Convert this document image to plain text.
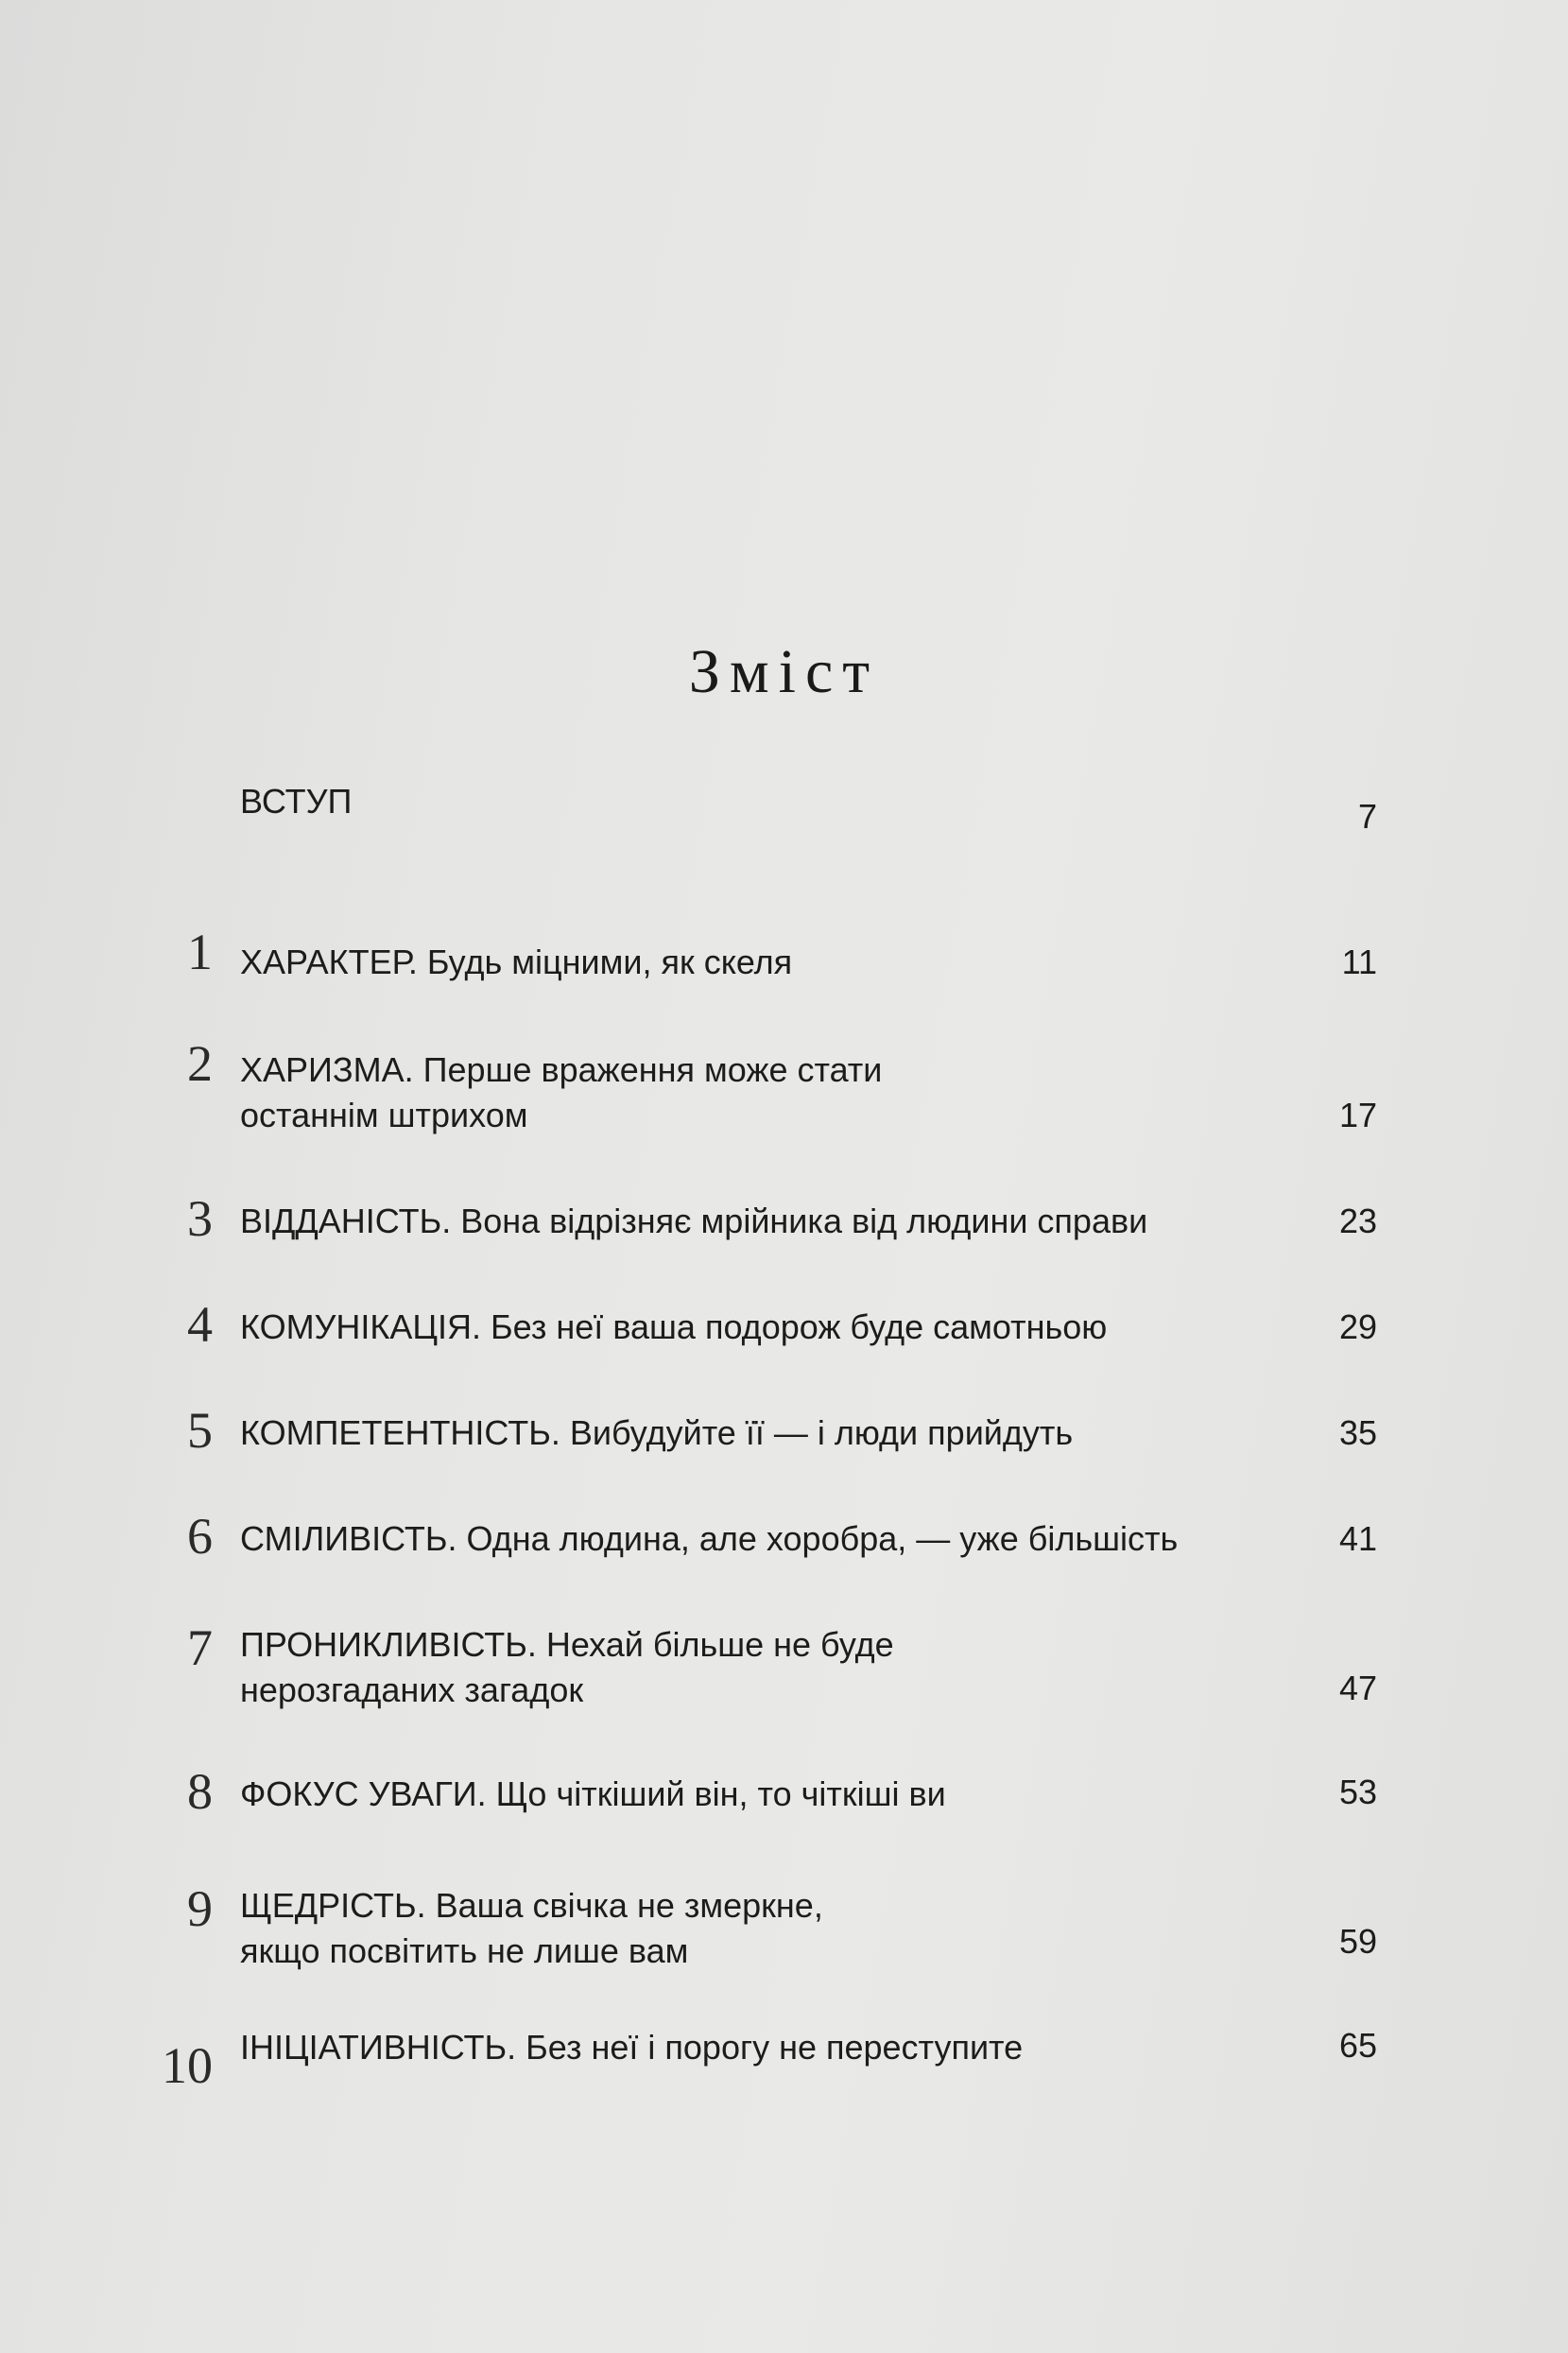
Зміст
ВСТУП	7
1 ХАРАКТЕР. Будь міцними, як скеля	11
2 ХАРИЗМА. Перше враження може стати
останнім штрихом	17
3 ВІДДАНІСТЬ. Вона відрізняє мрійника від людини справи	23
4 КОМУНІКАЦІЯ. Без неї ваша подорож буде самотньою	29
5 КОМПЕТЕНТНІСТЬ. Вибудуйте її — і люди прийдуть	35
6 СМІЛИВІСТЬ. Одна людина, але хоробра, — уже більшість	41
7 ПРОНИКЛИВІСТЬ. Нехай більше не буде
нерозгаданих загадок	47
8 ФОКУС УВАГИ. Що чіткіший він, то чіткіші ви	53
9 ЩЕДРІСТЬ. Ваша свічка не змеркне,
якщо посвітить не лише вам	59
10 ІНІЦІАТИВНІСТЬ. Без неї і порогу не переступите	65
